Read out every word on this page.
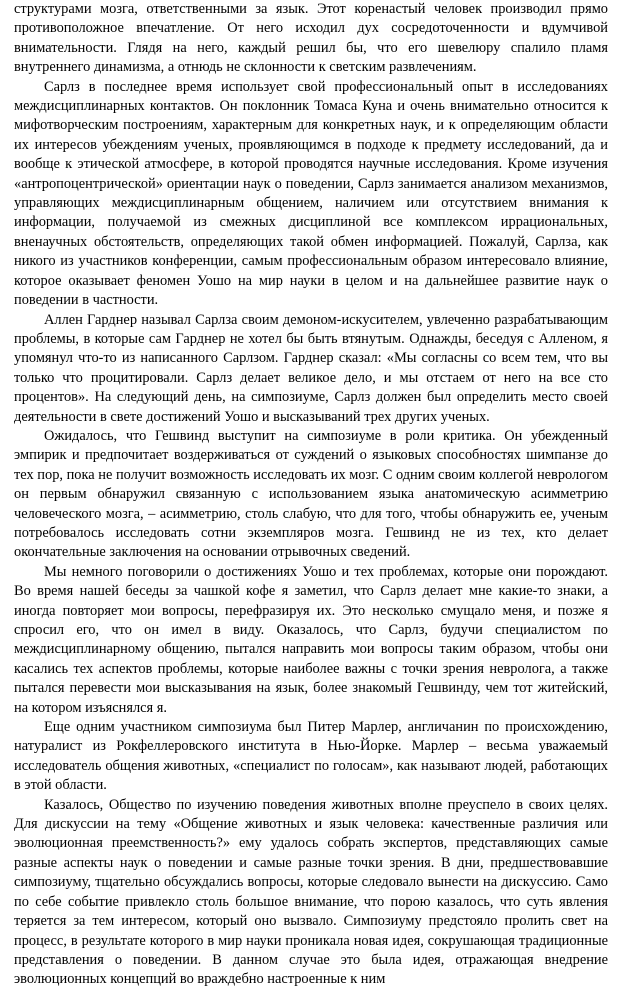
структурами мозга, ответственными за язык. Этот коренастый человек производил прямо противоположное впечатление. От него исходил дух сосредоточенности и вдумчивой внимательности. Глядя на него, каждый решил бы, что его шевелюру спалило пламя внутреннего динамизма, а отнюдь не склонности к светским развлечениям.

Сарлз в последнее время использует свой профессиональный опыт в исследованиях междисциплинарных контактов. Он поклонник Томаса Куна и очень внимательно относится к мифотворческим построениям, характерным для конкретных наук, и к определяющим области их интересов убеждениям ученых, проявляющимся в подходе к предмету исследований, да и вообще к этической атмосфере, в которой проводятся научные исследования. Кроме изучения «антропоцентрической» ориентации наук о поведении, Сарлз занимается анализом механизмов, управляющих междисциплинарным общением, наличием или отсутствием внимания к информации, получаемой из смежных дисциплиной все комплексом иррациональных, вненаучных обстоятельств, определяющих такой обмен информацией. Пожалуй, Сарлза, как никого из участников конференции, самым профессиональным образом интересовало влияние, которое оказывает феномен Уошо на мир науки в целом и на дальнейшее развитие наук о поведении в частности.

Аллен Гарднер называл Сарлза своим демоном-искусителем, увлеченно разрабатывающим проблемы, в которые сам Гарднер не хотел бы быть втянутым. Однажды, беседуя с Алленом, я упомянул что-то из написанного Сарлзом. Гарднер сказал: «Мы согласны со всем тем, что вы только что процитировали. Сарлз делает великое дело, и мы отстаем от него на все сто процентов». На следующий день, на симпозиуме, Сарлз должен был определить место своей деятельности в свете достижений Уошо и высказываний трех других ученых.

Ожидалось, что Гешвинд выступит на симпозиуме в роли критика. Он убежденный эмпирик и предпочитает воздерживаться от суждений о языковых способностях шимпанзе до тех пор, пока не получит возможность исследовать их мозг. С одним своим коллегой неврологом он первым обнаружил связанную с использованием языка анатомическую асимметрию человеческого мозга, – асимметрию, столь слабую, что для того, чтобы обнаружить ее, ученым потребовалось исследовать сотни экземпляров мозга. Гешвинд не из тех, кто делает окончательные заключения на основании отрывочных сведений.

Мы немного поговорили о достижениях Уошо и тех проблемах, которые они порождают. Во время нашей беседы за чашкой кофе я заметил, что Сарлз делает мне какие-то знаки, а иногда повторяет мои вопросы, перефразируя их. Это несколько смущало меня, и позже я спросил его, что он имел в виду. Оказалось, что Сарлз, будучи специалистом по междисциплинарному общению, пытался направить мои вопросы таким образом, чтобы они касались тех аспектов проблемы, которые наиболее важны с точки зрения невролога, а также пытался перевести мои высказывания на язык, более знакомый Гешвинду, чем тот житейский, на котором изъяснялся я.

Еще одним участником симпозиума был Питер Марлер, англичанин по происхождению, натуралист из Рокфеллеровского института в Нью-Йорке. Марлер – весьма уважаемый исследователь общения животных, «специалист по голосам», как называют людей, работающих в этой области.

Казалось, Общество по изучению поведения животных вполне преуспело в своих целях. Для дискуссии на тему «Общение животных и язык человека: качественные различия или эволюционная преемственность?» ему удалось собрать экспертов, представляющих самые разные аспекты наук о поведении и самые разные точки зрения. В дни, предшествовавшие симпозиуму, тщательно обсуждались вопросы, которые следовало вынести на дискуссию. Само по себе событие привлекло столь большое внимание, что порою казалось, что суть явления теряется за тем интересом, который оно вызвало. Симпозиуму предстояло пролить свет на процесс, в результате которого в мир науки проникала новая идея, сокрушающая традиционные представления о поведении. В данном случае это была идея, отражающая внедрение эволюционных концепций во враждебно настроенные к ним
